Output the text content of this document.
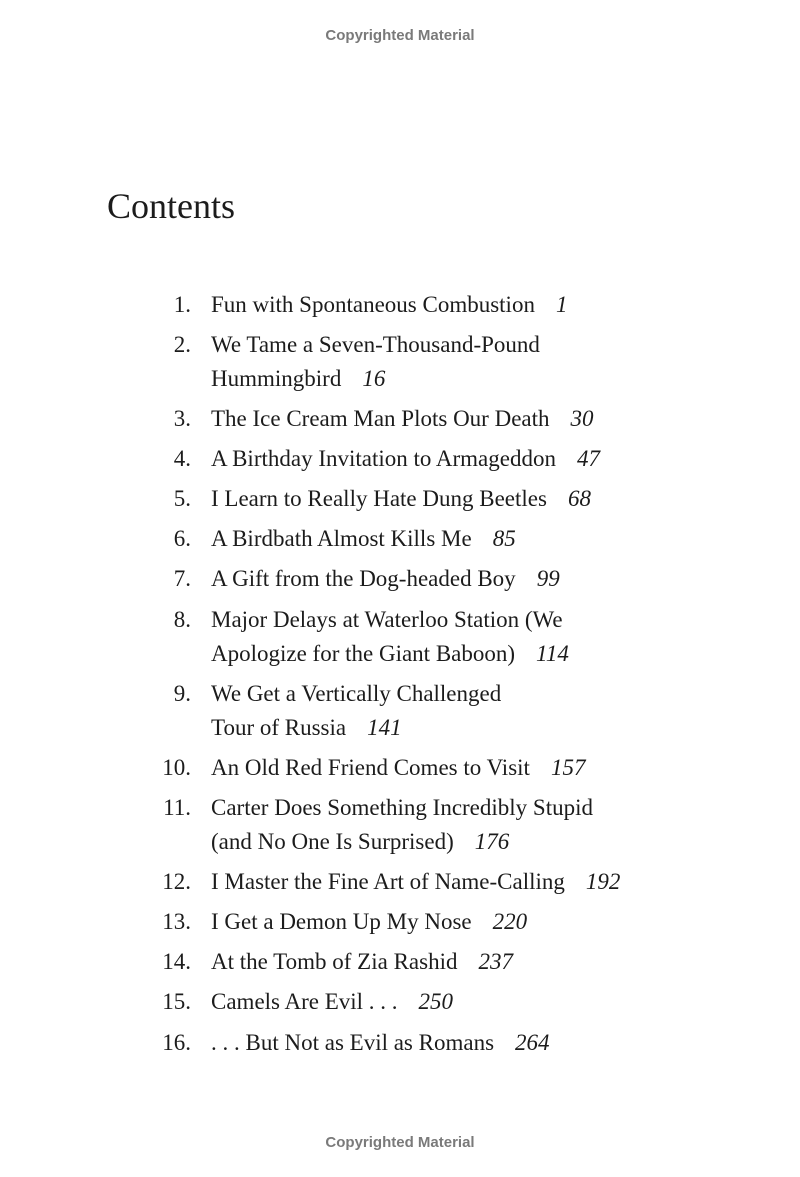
Copyrighted Material
Contents
1. Fun with Spontaneous Combustion 1
2. We Tame a Seven-Thousand-Pound
Hummingbird 16
3. The Ice Cream Man Plots Our Death 30
4. A Birthday Invitation to Armageddon 47
5. I Learn to Really Hate Dung Beetles 68
6. A Birdbath Almost Kills Me 85
7. A Gift from the Dog-headed Boy 99
8. Major Delays at Waterloo Station (We
Apologize for the Giant Baboon) 114
9. We Get a Vertically Challenged
Tour of Russia 141
10. An Old Red Friend Comes to Visit 157
11. Carter Does Something Incredibly Stupid
(and No One Is Surprised) 176
12. I Master the Fine Art of Name-Calling 192
13. I Get a Demon Up My Nose 220
14. At the Tomb of Zia Rashid 237
15. Camels Are Evil . . . 250
16. . . . But Not as Evil as Romans 264
Copyrighted Material
